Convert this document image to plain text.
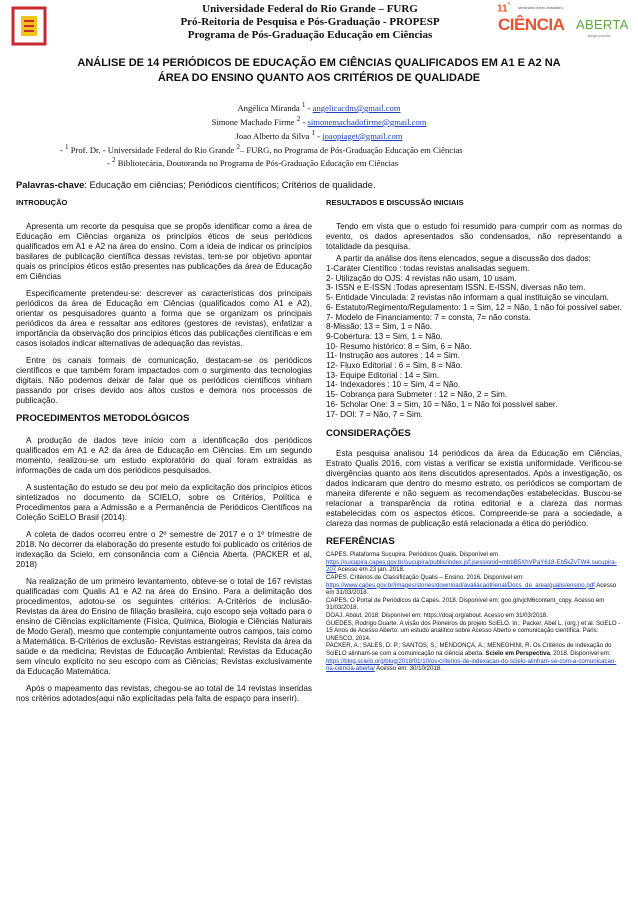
Universidade Federal do Rio Grande – FURG
Pró-Reitoria de Pesquisa e Pós-Graduação - PROPESP
Programa de Pós-Graduação Educação em Ciências
$11^º$ seminário ibero-brasileiro
CIÊNCIA ABERTA
furgo.com.br
ANÁLISE DE 14 PERIÓDICOS DE EDUCAÇÃO EM CIÊNCIAS QUALIFICADOS EM A1 E A2 NA
ÁREA DO ENSINO QUANTO AOS CRITÉRIOS DE QUALIDADE
Angélica Miranda $^1$ - angelicacdm@gmail.com
Simone Machado Firme $^2$ - simonemachadofirme@gmail.com
Joao Alberto da Silva $^1$ - joaopiaget@gmail.com
- $^1$ Prof. Dr. - Universidade Federal do Rio Grande $^2$– FURG, no Programa de Pós-Graduação Educação em Ciências
- $^2$ Bibliotecária, Doutoranda no Programa de Pós-Graduação Educação em Ciências
Palavras-chave: Educação em ciências; Periódicos científicos; Critérios de qualidade.
INTRODUÇÃO

Apresenta um recorte da pesquisa que se propôs identificar como a área de Educação em Ciências organiza os princípios éticos de seus periódicos qualificados em A1 e A2 na área do ensino. Com a ideia de indicar os princípios basilares de publicação científica dessas revistas, tem-se por objetivo apontar quais os princípios éticos estão presentes nas publicações da área de Educação em Ciências

Especificamente pretendeu-se: descrever as características dos principais periódicos da área de Educação em Ciências (qualificados como A1 e A2), orientar os pesquisadores quanto a forma que se organizam os principais periódicos da área e ressaltar aos editores (gestores de revistas), enfatizar a importância da observação dos princípios éticos das publicações científicas e em casos isolados indicar alternativas de adequação das revistas.

Entre os canais formais de comunicação, destacam-se os periódicos científicos e que também foram impactados com o surgimento das tecnologias digitais. Não podemos deixar de falar que os periódicos científicos vinham passando por crises devido aos altos custos e demora nos processos de publicação.

PROCEDIMENTOS METODOLÓGICOS

A produção de dados teve início com a identificação dos periódicos qualificados em A1 e A2 da área de Educação em Ciências. Em um segundo momento, realizou-se um estudo exploratório do qual foram extraídas as informações de cada um dos periódicos pesquisados.

A sustentação do estudo se deu por meio da explicitação dos princípios éticos sintetizados no documento da SCIELO, sobre os Critérios, Política e Procedimentos para a Admissão e a Permanência de Periódicos Científicos na Coleção SciELO Brasil (2014).

A coleta de dados ocorreu entre o 2º semestre de 2017 e o 1º trimestre de 2018. No decorrer da elaboração do presente estudo foi publicado os critérios de indexação da Scielo, em consonância com a Ciência Aberta. (PACKER et al, 2018)

Na realização de um primeiro levantamento, obteve-se o total de 167 revistas qualificadas com Qualis A1 e A2 na área do Ensino. Para a delimitação dos procedimentos, adotou-se os seguintes critérios: A-Critérios de inclusão- Revistas da área do Ensino de filiação brasileira, cujo escopo seja voltado para o ensino de Ciências explicitamente (Física, Química, Biologia e Ciências Naturais de Modo Geral), mesmo que contemple conjuntamente outros campos, tais como a Matemática. B-Critérios de exclusão- Revistas estrangeiras; Revista da área da saúde e da medicina; Revistas de Educação Ambiental; Revistas da Educação sem vínculo explícito no seu escopo com as Ciências; Revistas exclusivamente da Educação Matemática.

Após o mapeamento das revistas, chegou-se ao total de 14 revistas inseridas nos critérios adotados(aqui não explicitadas pela falta de espaço para inserir).

RESULTADOS E DISCUSSÃO INICIAIS

Tendo em vista que o estudo foi resumido para cumprir com as normas do evento, os dados apresentados são condensados, não representando a totalidade da pesquisa.

A partir da análise dos itens elencados, segue a discussão dos dados:

1-Caráter Científico : todas revistas analisadas seguem.
2- Utilização do OJS: 4 revistas não usam, 10 usam.
3- ISSN e E-ISSN :Todas apresentam ISSN. E-ISSN, diversas não tem.
5- Entidade Vinculada: 2 revistas não informam a qual instituição se vinculam.
6- Estatuto/Regimento/Regulamento: 1 = Sim, 12 = Não, 1 não foi possível saber.
7- Modelo de Financiamento: 7 = consta, 7= não consta.
8-Missão: 13 = Sim, 1 = Não.
9-Cobertura: 13 = Sim, 1 = Não.
10- Resumo histórico: 8 = Sim, 6 = Não.
11- Instrução aos autores : 14 = Sim.
12- Fluxo Editorial : 6 = Sim, 8 = Não.
13- Equipe Editorial : 14 = Sim.
14- Indexadores : 10 = Sim, 4 = Não.
15- Cobrança para Submeter : 12 = Não, 2 = Sim.
16- Scholar One: 3 = Sim, 10 = Não, 1 = Não foi possível saber.
17- DOI: 7 = Não, 7 = Sim.
CONSIDERAÇÕES

Esta pesquisa analisou 14 periódicos da área da Educação em Ciências, Estrato Qualis 2016, com vistas a verificar se existia uniformidade. Verificou-se divergências quanto aos itens discutidos apresentados. Após a investigação, os dados indicaram que dentro do mesmo estrato, os periódicos se comportam de maneira diferente e não seguem as recomendações estabelecidas. Buscou-se relacionar a transparência da rotina editorial e a clareza das normas estabelecidas com os aspectos éticos. Compreende-se para a sociedade, a clareza das normas de publicação está relacionada a ética do periódico.

REFERÊNCIAS

CAPES. Plataforma Sucupira. Periódicos Qualis. Disponível em https://sucupira.capes.gov.br/sucupira/public/index.jsf;jsessionid=mbbB5XhVPaY618-Eb5kZvTW4.sucupira-207 Acesso em 23 jan. 2018.

CAPES. Critérios de Classificação Qualis – Ensino. 2016. Disponível em: https://www.capes.gov.br/images/stories/download/avaliacaotrienal/Docs_de_area/qualis/ensino.pdf Acesso em 31/03/2018.

CAPES. O Portal de Periódicos da Capes. 2018. Disponível em: goo.gl/vjcM6content_copy. Acesso em 31/03/2018.

DOAJ. About. 2018. Disponível em: https://doaj.org/about. Acesso em 31/03/2018.

GUEDES, Rodrigo Duarte. A visão dos Pioneiros do projeto SciELO. In.: Packer, Abel L. (org.) et al. SciELO - 15 Anos de Acesso Aberto: um estudo analítico sobre Acesso Aberto e comunicação científica. Paris: UNESCO, 2014.

PACKER, A.; SALES, D. P.; SANTOS, S.; MENDONÇA, A.; MENEGHINI, R. Os Critérios de indexação do SciELO alinham-se com a comunicação na ciência aberta. Scielo em Perspectiva, 2018. Disponível em: https://blog.scielo.org/blog/2018/01/10/os-criterios-de-indexacao-do-scielo-alinham-se-com-a-comunicacao-na-ciencia-aberta/ Acesso em: 30/10/2018.
